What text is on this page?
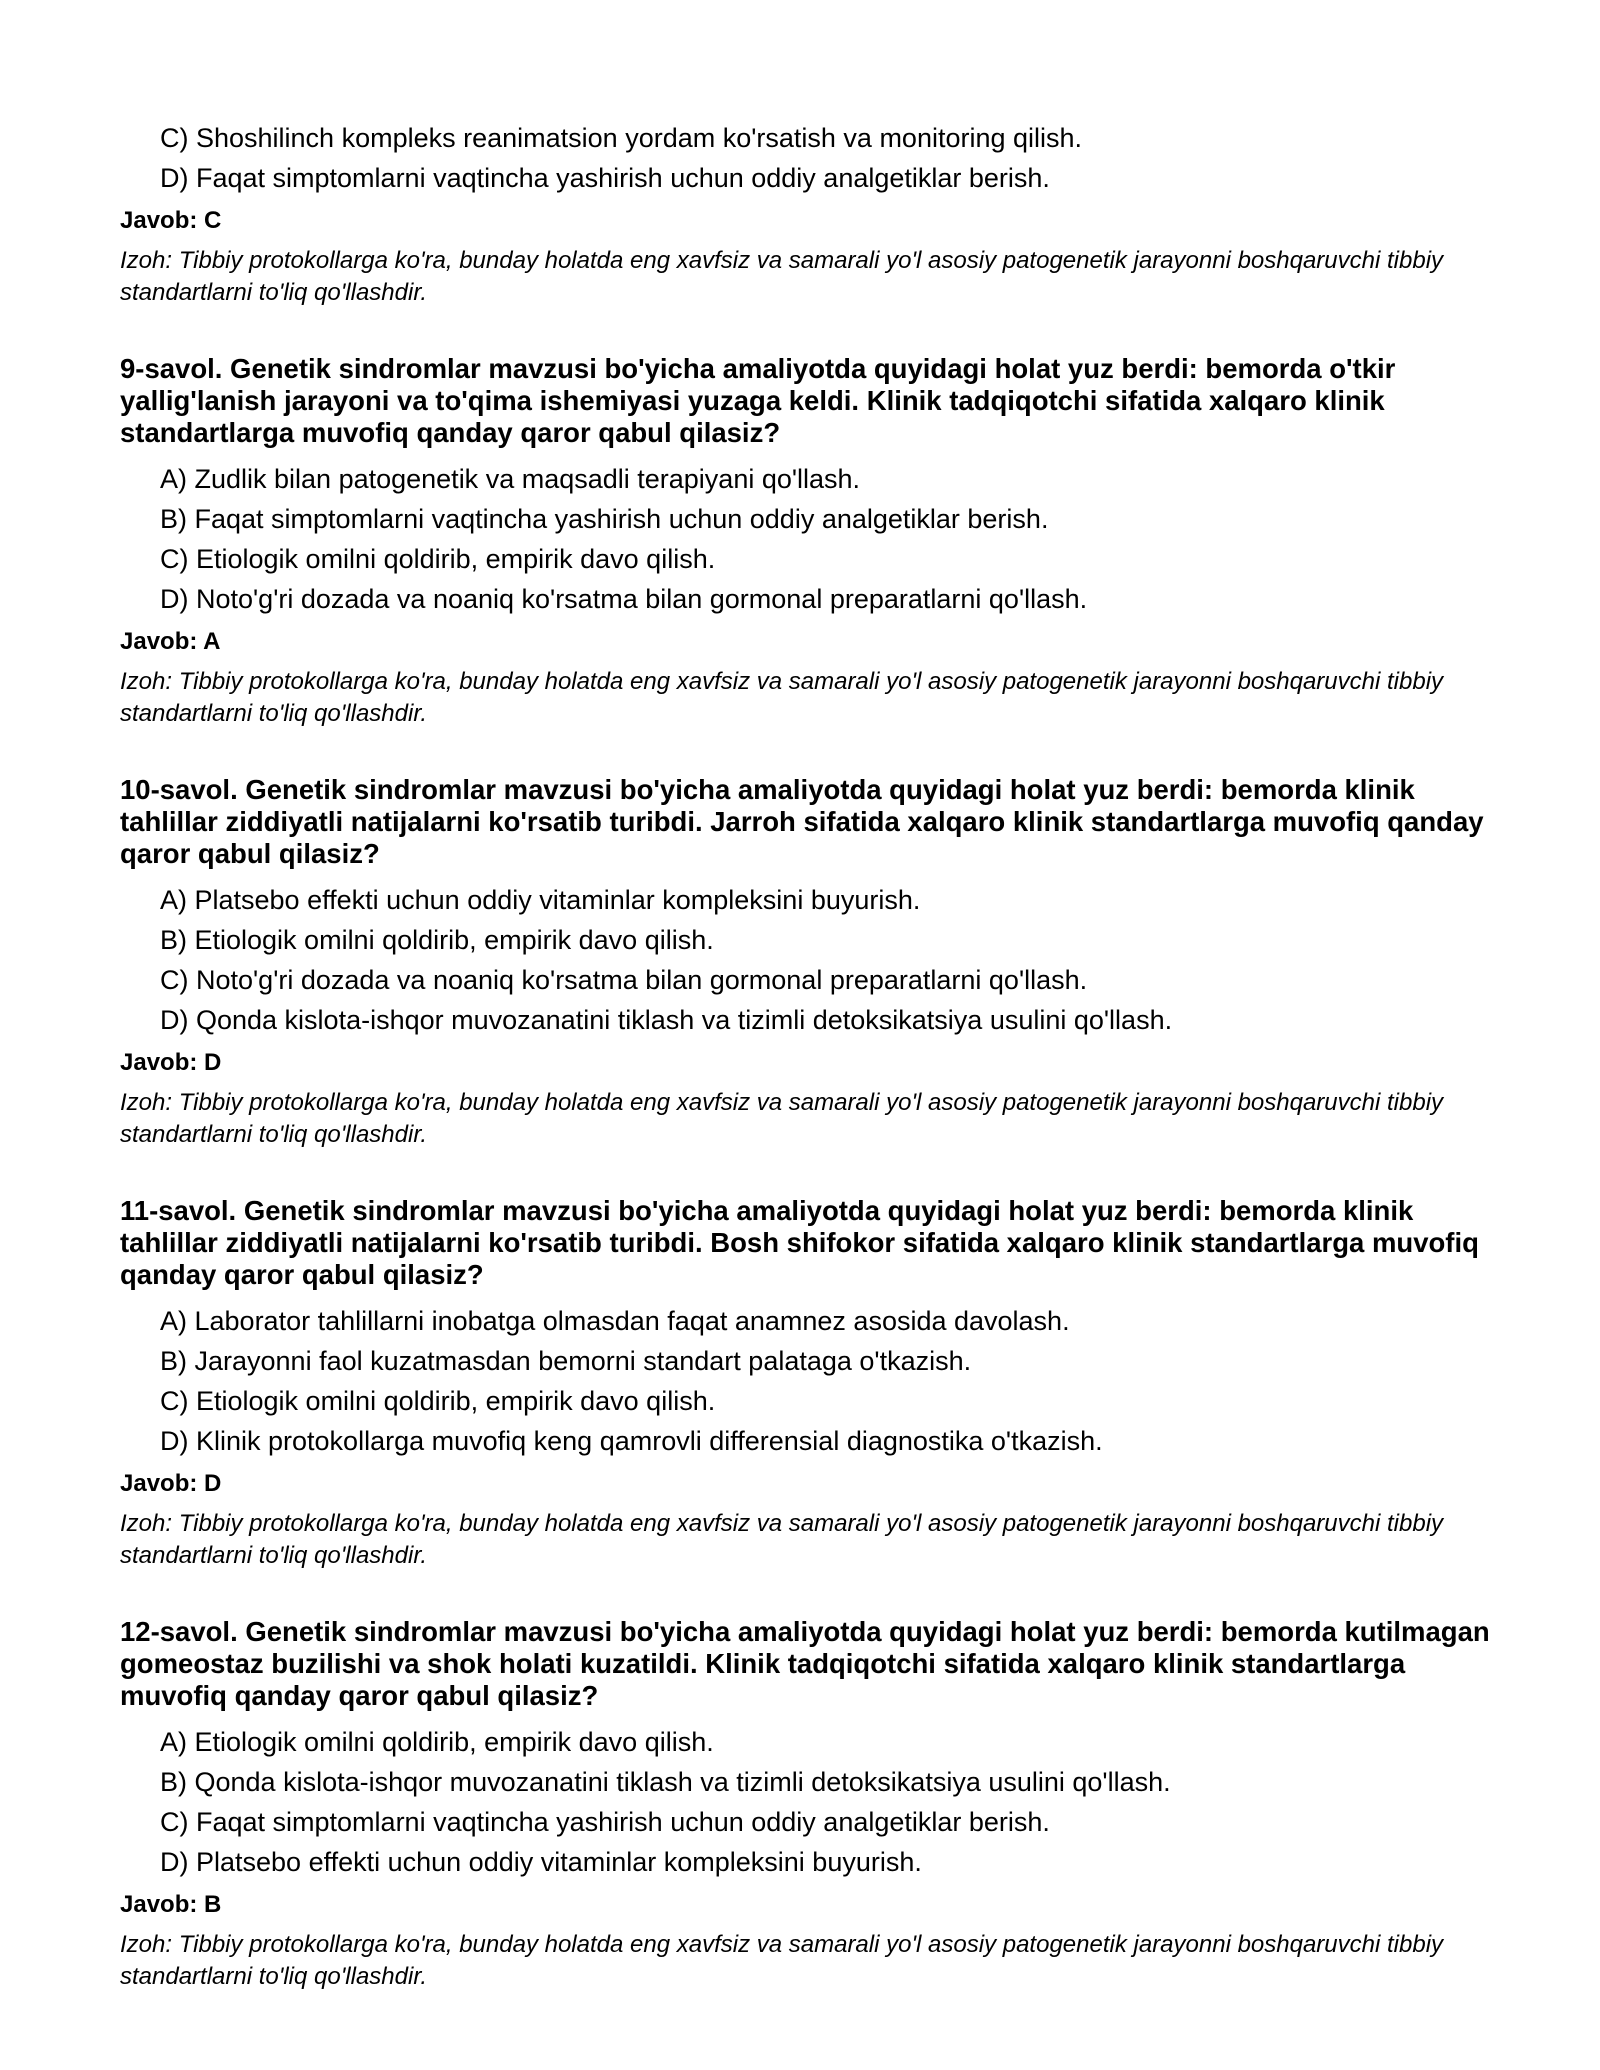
C) Shoshilinch kompleks reanimatsion yordam ko'rsatish va monitoring qilish.
D) Faqat simptomlarni vaqtincha yashirish uchun oddiy analgetiklar berish.
Javob: C
Izoh: Tibbiy protokollarga ko'ra, bunday holatda eng xavfsiz va samarali yo'l asosiy patogenetik jarayonni boshqaruvchi tibbiy standartlarni to'liq qo'llashdir.
9-savol. Genetik sindromlar mavzusi bo'yicha amaliyotda quyidagi holat yuz berdi: bemorda o'tkir yallig'lanish jarayoni va to'qima ishemiyasi yuzaga keldi. Klinik tadqiqotchi sifatida xalqaro klinik standartlarga muvofiq qanday qaror qabul qilasiz?
A) Zudlik bilan patogenetik va maqsadli terapiyani qo'llash.
B) Faqat simptomlarni vaqtincha yashirish uchun oddiy analgetiklar berish.
C) Etiologik omilni qoldirib, empirik davo qilish.
D) Noto'g'ri dozada va noaniq ko'rsatma bilan gormonal preparatlarni qo'llash.
Javob: A
Izoh: Tibbiy protokollarga ko'ra, bunday holatda eng xavfsiz va samarali yo'l asosiy patogenetik jarayonni boshqaruvchi tibbiy standartlarni to'liq qo'llashdir.
10-savol. Genetik sindromlar mavzusi bo'yicha amaliyotda quyidagi holat yuz berdi: bemorda klinik tahlillar ziddiyatli natijalarni ko'rsatib turibdi. Jarroh sifatida xalqaro klinik standartlarga muvofiq qanday qaror qabul qilasiz?
A) Platsebo effekti uchun oddiy vitaminlar kompleksini buyurish.
B) Etiologik omilni qoldirib, empirik davo qilish.
C) Noto'g'ri dozada va noaniq ko'rsatma bilan gormonal preparatlarni qo'llash.
D) Qonda kislota-ishqor muvozanatini tiklash va tizimli detoksikatsiya usulini qo'llash.
Javob: D
Izoh: Tibbiy protokollarga ko'ra, bunday holatda eng xavfsiz va samarali yo'l asosiy patogenetik jarayonni boshqaruvchi tibbiy standartlarni to'liq qo'llashdir.
11-savol. Genetik sindromlar mavzusi bo'yicha amaliyotda quyidagi holat yuz berdi: bemorda klinik tahlillar ziddiyatli natijalarni ko'rsatib turibdi. Bosh shifokor sifatida xalqaro klinik standartlarga muvofiq qanday qaror qabul qilasiz?
A) Laborator tahlillarni inobatga olmasdan faqat anamnez asosida davolash.
B) Jarayonni faol kuzatmasdan bemorni standart palataga o'tkazish.
C) Etiologik omilni qoldirib, empirik davo qilish.
D) Klinik protokollarga muvofiq keng qamrovli differensial diagnostika o'tkazish.
Javob: D
Izoh: Tibbiy protokollarga ko'ra, bunday holatda eng xavfsiz va samarali yo'l asosiy patogenetik jarayonni boshqaruvchi tibbiy standartlarni to'liq qo'llashdir.
12-savol. Genetik sindromlar mavzusi bo'yicha amaliyotda quyidagi holat yuz berdi: bemorda kutilmagan gomeostaz buzilishi va shok holati kuzatildi. Klinik tadqiqotchi sifatida xalqaro klinik standartlarga muvofiq qanday qaror qabul qilasiz?
A) Etiologik omilni qoldirib, empirik davo qilish.
B) Qonda kislota-ishqor muvozanatini tiklash va tizimli detoksikatsiya usulini qo'llash.
C) Faqat simptomlarni vaqtincha yashirish uchun oddiy analgetiklar berish.
D) Platsebo effekti uchun oddiy vitaminlar kompleksini buyurish.
Javob: B
Izoh: Tibbiy protokollarga ko'ra, bunday holatda eng xavfsiz va samarali yo'l asosiy patogenetik jarayonni boshqaruvchi tibbiy standartlarni to'liq qo'llashdir.
